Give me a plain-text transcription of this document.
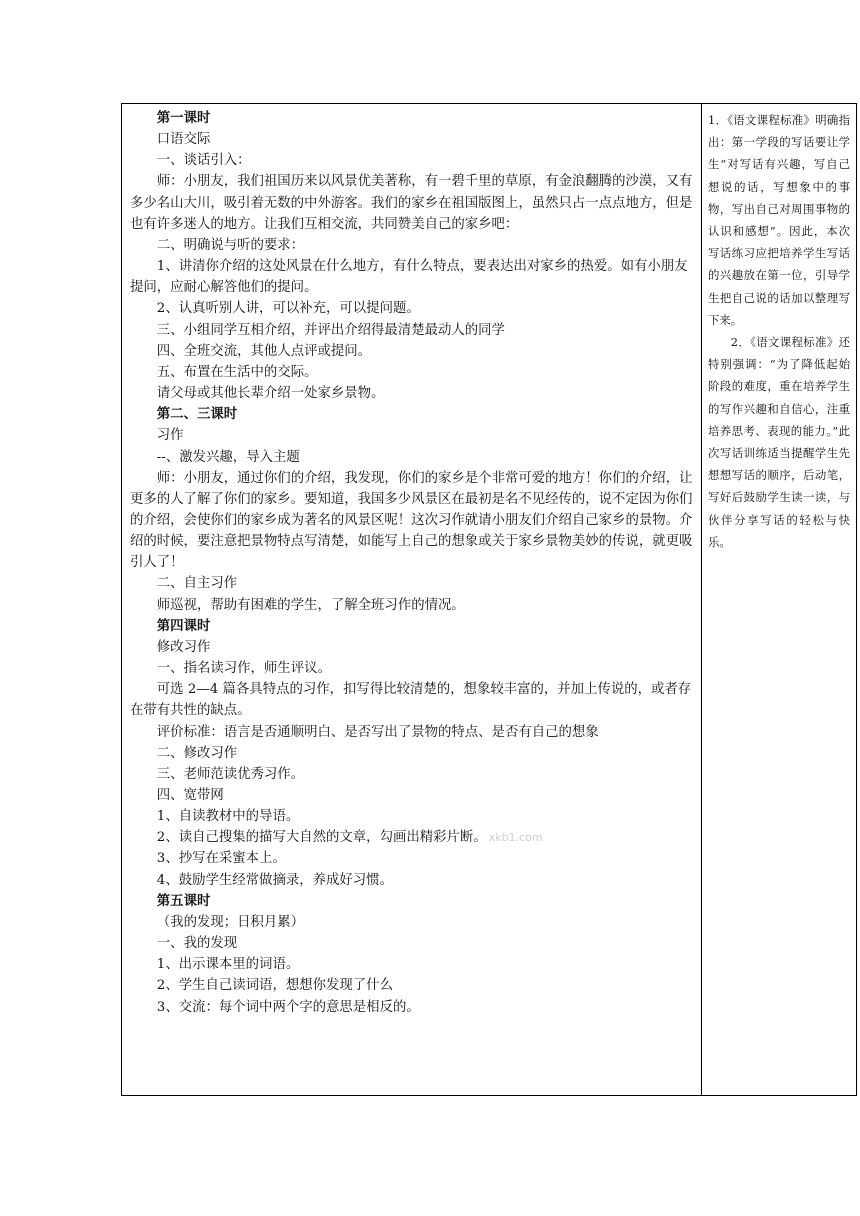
第一课时

口语交际

一、谈话引入：

师：小朋友，我们祖国历来以风景优美著称，有一碧千里的草原，有金浪翻腾的沙漠，又有多少名山大川，吸引着无数的中外游客。我们的家乡在祖国版图上，虽然只占一点点地方，但是也有许多迷人的地方。让我们互相交流，共同赞美自己的家乡吧：

二、明确说与听的要求：

1、讲清你介绍的这处风景在什么地方，有什么特点，要表达出对家乡的热爱。如有小朋友提问，应耐心解答他们的提问。

2、认真听别人讲，可以补充，可以提问题。

三、小组同学互相介绍，并评出介绍得最清楚最动人的同学

四、全班交流，其他人点评或提问。

五、布置在生活中的交际。

请父母或其他长辈介绍一处家乡景物。

第二、三课时

习作

--、激发兴趣，导入主题

师：小朋友，通过你们的介绍，我发现，你们的家乡是个非常可爱的地方！你们的介绍，让更多的人了解了你们的家乡。要知道，我国多少风景区在最初是名不见经传的，说不定因为你们的介绍，会使你们的家乡成为著名的风景区呢！这次习作就请小朋友们介绍自己家乡的景物。介绍的时候，要注意把景物特点写清楚，如能写上自己的想象或关于家乡景物美妙的传说，就更吸引人了！

二、自主习作

师巡视，帮助有困难的学生，了解全班习作的情况。

第四课时

修改习作

一、指名读习作，师生评议。

可选 2—4 篇各具特点的习作，扣写得比较清楚的，想象较丰富的，并加上传说的，或者存在带有共性的缺点。

评价标准：语言是否通顺明白、是否写出了景物的特点、是否有自己的想象

二、修改习作

三、老师范读优秀习作。

四、宽带网

1、自读教材中的导语。

2、读自己搜集的描写大自然的文章，勾画出精彩片断。 xkb1.com

3、抄写在采蜜本上。

4、鼓励学生经常做摘录，养成好习惯。

第五课时

（我的发现；日积月累）

一、我的发现

1、出示课本里的词语。

2、学生自己读词语，想想你发现了什么

3、交流：每个词中两个字的意思是相反的。

1．《语文课程标准》明确指出：第一学段的写话要让学生“对写话有兴趣，写自己想说的话，写想象中的事物，写出自己对周围事物的认识和感想”。因此，本次写话练习应把培养学生写话的兴趣放在第一位，引导学生把自己说的话加以整理写下来。

2．《语文课程标准》还特别强调：“为了降低起始阶段的难度，重在培养学生的写作兴趣和自信心，注重培养思考、表现的能力。”此次写话训练适当提醒学生先想想写话的顺序，后动笔，写好后鼓励学生读一读，与伙伴分享写话的轻松与快乐。
